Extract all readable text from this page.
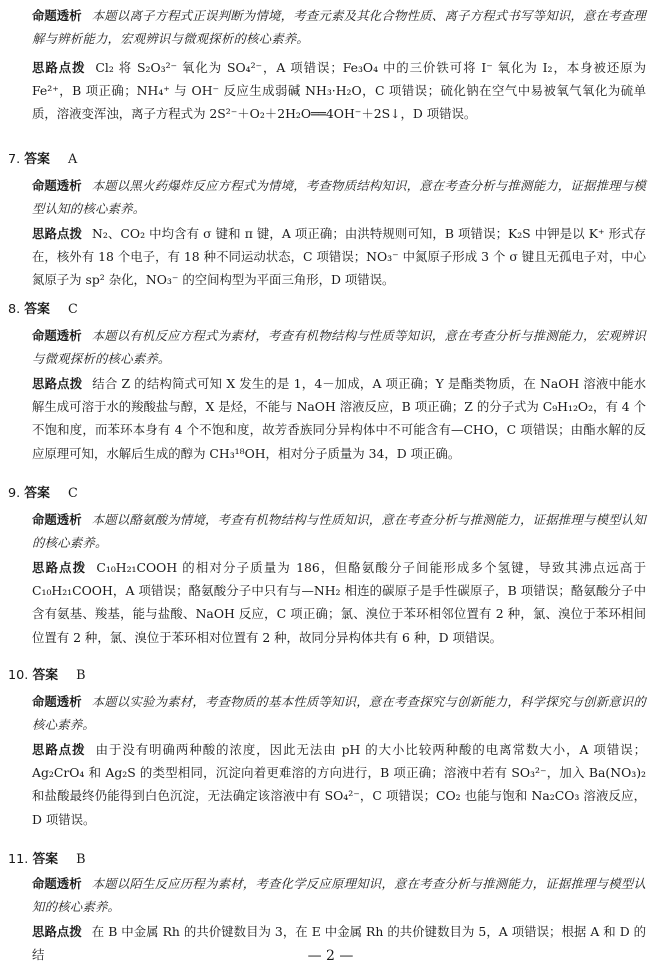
命题透析 本题以离子方程式正误判断为情境，考查元素及其化合物性质、离子方程式书写等知识，意在考查理解与辨析能力，宏观辨识与微观探析的核心素养。

思路点拨 Cl₂ 将 S₂O₃²⁻ 氧化为 SO₄²⁻，A 项错误；Fe₃O₄ 中的三价铁可将 I⁻ 氧化为 I₂，本身被还原为 Fe²⁺，B 项正确；NH₄⁺ 与 OH⁻ 反应生成弱碱 NH₃·H₂O，C 项错误；硫化钠在空气中易被氧气氧化为硫单质，溶液变浑浊，离子方程式为 2S²⁻＋O₂＋2H₂O══4OH⁻＋2S↓，D 项错误。

7. 答案 A

命题透析 本题以黑火药爆炸反应方程式为情境，考查物质结构知识，意在考查分析与推测能力，证据推理与模型认知的核心素养。

思路点拨 N₂、CO₂ 中均含有 σ 键和 π 键，A 项正确；由洪特规则可知，B 项错误；K₂S 中钾是以 K⁺ 形式存在，核外有 18 个电子，有 18 种不同运动状态，C 项错误；NO₃⁻ 中氮原子形成 3 个 σ 键且无孤电子对，中心氮原子为 sp² 杂化，NO₃⁻ 的空间构型为平面三角形，D 项错误。

8. 答案 C

命题透析 本题以有机反应方程式为素材，考查有机物结构与性质等知识，意在考查分析与推测能力，宏观辨识与微观探析的核心素养。

思路点拨 结合 Z 的结构简式可知 X 发生的是 1，4－加成，A 项正确；Y 是酯类物质，在 NaOH 溶液中能水解生成可溶于水的羧酸盐与醇，X 是烃，不能与 NaOH 溶液反应，B 项正确；Z 的分子式为 C₉H₁₂O₂，有 4 个不饱和度，而苯环本身有 4 个不饱和度，故芳香族同分异构体中不可能含有—CHO，C 项错误；由酯水解的反应原理可知，水解后生成的醇为 CH₃¹⁸OH，相对分子质量为 34，D 项正确。

9. 答案 C

命题透析 本题以酪氨酸为情境，考查有机物结构与性质知识，意在考查分析与推测能力，证据推理与模型认知的核心素养。

思路点拨 C₁₀H₂₁COOH 的相对分子质量为 186，但酪氨酸分子间能形成多个氢键，导致其沸点远高于 C₁₀H₂₁COOH，A 项错误；酪氨酸分子中只有与—NH₂ 相连的碳原子是手性碳原子，B 项错误；酪氨酸分子中含有氨基、羧基，能与盐酸、NaOH 反应，C 项正确；氯、溴位于苯环相邻位置有 2 种，氯、溴位于苯环相间位置有 2 种，氯、溴位于苯环相对位置有 2 种，故同分异构体共有 6 种，D 项错误。

10. 答案 B

命题透析 本题以实验为素材，考查物质的基本性质等知识，意在考查探究与创新能力，科学探究与创新意识的核心素养。

思路点拨 由于没有明确两种酸的浓度，因此无法由 pH 的大小比较两种酸的电离常数大小，A 项错误；Ag₂CrO₄ 和 Ag₂S 的类型相同，沉淀向着更难溶的方向进行，B 项正确；溶液中若有 SO₃²⁻，加入 Ba(NO₃)₂ 和盐酸最终仍能得到白色沉淀，无法确定该溶液中有 SO₄²⁻，C 项错误；CO₂ 也能与饱和 Na₂CO₃ 溶液反应，D 项错误。

11. 答案 B

命题透析 本题以陌生反应历程为素材，考查化学反应原理知识，意在考查分析与推测能力，证据推理与模型认知的核心素养。

思路点拨 在 B 中金属 Rh 的共价键数目为 3，在 E 中金属 Rh 的共价键数目为 5，A 项错误；根据 A 和 D 的结	— 2 —
